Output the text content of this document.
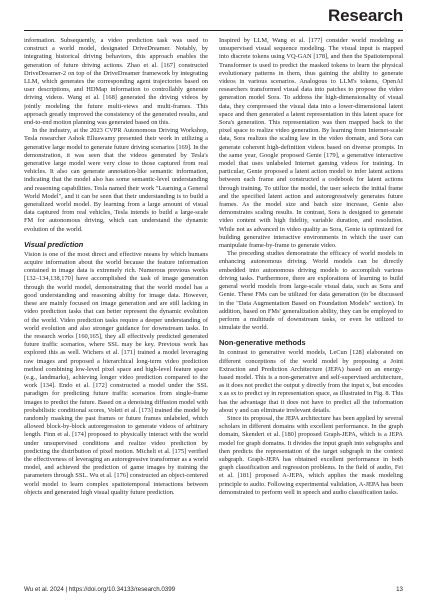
Research

information. Subsequently, a video prediction task was used to construct a world model, designated DriveDreamer. Notably, by integrating historical driving behaviors, this approach enables the generation of future driving actions. Zhao et al. [167] constructed DriveDreamer-2 on top of the DriveDreamer framework by integrating LLM, which generates the corresponding agent trajectories based on user descriptions, and HDMap information to controllably generate driving videos. Wang et al. [168] generated the driving videos by jointly modeling the future multi-views and multi-frames. This approach greatly improved the consistency of the generated results, and end-to-end motion planning was generated based on this.

In the industry, at the 2023 CVPR Autonomous Driving Workshop, Tesla researcher Ashok Elluswamy presented their work in utilizing a generative large model to generate future driving scenarios [169]. In the demonstration, it was seen that the videos generated by Tesla's generative large model were very close to those captured from real vehicles. It also can generate annotation-like semantic information, indicating that the model also has some semantic-level understanding and reasoning capabilities. Tesla named their work "Learning a General World Model", and it can be seen that their understanding is to build a generalized world model. By learning from a large amount of visual data captured from real vehicles, Tesla intends to build a large-scale FM for autonomous driving, which can understand the dynamic evolution of the world.

Visual prediction

Vision is one of the most direct and effective means by which humans acquire information about the world because the feature information contained in image data is extremely rich. Numerous previous works [132–134,138,170] have accomplished the task of image generation through the world model, demonstrating that the world model has a good understanding and reasoning ability for image data. However, these are mainly focused on image generation and are still lacking in video prediction tasks that can better represent the dynamic evolution of the world. Video prediction tasks require a deeper understanding of world evolution and also stronger guidance for downstream tasks. In the research works [160,165], they all effectively predicted generated future traffic scenarios, where SSL may be key. Previous work has explored this as well. Wichers et al. [171] trained a model leveraging raw images and proposed a hierarchical long-term video prediction method combining low-level pixel space and high-level feature space (e.g., landmarks), achieving longer video prediction compared to the work [134]. Endo et al. [172] constructed a model under the SSL paradigm for predicting future traffic scenarios from single-frame images to predict the future. Based on a denoising diffusion model with probabilistic conditional scores, Voleti et al. [173] trained the model by randomly masking the past frames or future frames unlabeled, which allowed block-by-block autoregression to generate videos of arbitrary length. Finn et al. [174] proposed to physically interact with the world under unsupervised conditions and realize video prediction by predicting the distribution of pixel motion. Micheli et al. [175] verified the effectiveness of leveraging an autoregressive transformer as a world model, and achieved the prediction of game images by training the parameters through SSL. Wu et al. [176] constructed an object-centered world model to learn complex spatiotemporal interactions between objects and generated high visual quality future prediction.

Inspired by LLM, Wang et al. [177] consider world modeling as unsupervised visual sequence modeling. The visual input is mapped into discrete tokens using VQ-GAN [178], and then the Spatiotemporal Transformer is used to predict the masked tokens to learn the physical evolutionary patterns in them, thus gaining the ability to generate videos in various scenarios. Analogous to LLM's tokens, OpenAI researchers transformed visual data into patches to propose the video generation model Sora. To address the high-dimensionality of visual data, they compressed the visual data into a lower-dimensional latent space and then generated a latent representation in this latent space for Sora's generation. This representation was then mapped back to the pixel space to realize video generation. By learning from Internet-scale data, Sora realizes the scaling law in the video domain, and Sora can generate coherent high-definition videos based on diverse prompts. In the same year, Google proposed Genie [179], a generative interactive model that uses unlabeled Internet gaming videos for training. In particular, Genie proposed a latent action model to infer latent actions between each frame and constructed a codebook for latent actions through training. To utilize the model, the user selects the initial frame and the specified latent action and autoregressively generates future frames. As the model size and batch size increase, Genie also demonstrates scaling results. In contrast, Sora is designed to generate video content with high fidelity, variable duration, and resolution. While not as advanced in video quality as Sora, Genie is optimized for building generative interactive environments in which the user can manipulate frame-by-frame to generate video.

The preceding studies demonstrate the efficacy of world models in enhancing autonomous driving. World models can be directly embedded into autonomous driving models to accomplish various driving tasks. Furthermore, there are explorations of learning to build general world models from large-scale visual data, such as Sora and Genie. These FMs can be utilized for data generation (to be discussed in the "Data Augmentation Based on Foundation Models" section). In addition, based on FMs' generalization ability, they can be employed to perform a multitude of downstream tasks, or even be utilized to simulate the world.

Non-generative methods

In contrast to generative world models, LeCun [128] elaborated on different conceptions of the world model by proposing a Joint Extraction and Prediction Architecture (JEPA) based on an energy-based model. This is a non-generative and self-supervised architecture, as it does not predict the output y directly from the input x, but encodes x as sx to predict sy in representation space, as illustrated in Fig. 8. This has the advantage that it does not have to predict all the information about y and can eliminate irrelevant details.

Since its proposal, the JEPA architecture has been applied by several scholars in different domains with excellent performance. In the graph domain, Skenderi et al. [180] proposed Graph-JEPA, which is a JEPA model for graph domains. It divides the input graph into subgraphs and then predicts the representation of the target subgraph in the context subgraph. Graph-JEPA has obtained excellent performance in both graph classification and regression problems. In the field of audio, Fei et al. [181] proposed A-JEPA, which applies the mask modeling principle to audio. Following experimental validation, A-JEPA has been demonstrated to perform well in speech and audio classification tasks.

Wu et al. 2024 | https://doi.org/10.34133/research.0399	13
